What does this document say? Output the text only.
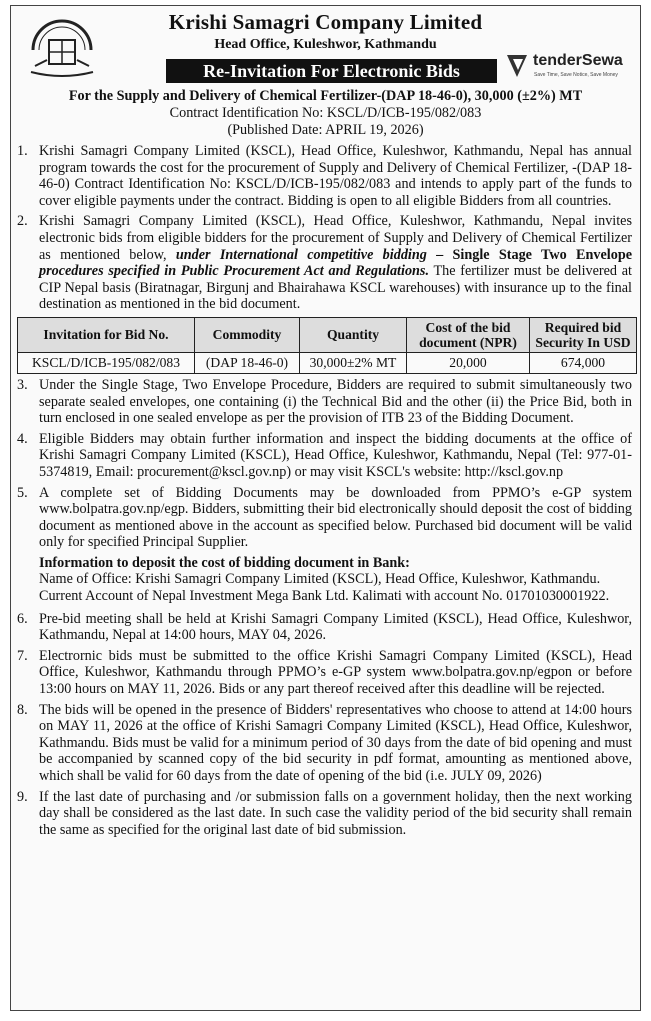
Krishi Samagri Company Limited
Head Office, Kuleshwor, Kathmandu
Re-Invitation For Electronic Bids
tenderSewa
Save Time, Save Notice, Save Money
For the Supply and Delivery of Chemical Fertilizer-(DAP 18-46-0), 30,000 (±2%) MT
Contract Identification No: KSCL/D/ICB-195/082/083
(Published Date: APRIL 19, 2026)
1. Krishi Samagri Company Limited (KSCL), Head Office, Kuleshwor, Kathmandu, Nepal has annual program towards the cost for the procurement of Supply and Delivery of Chemical Fertilizer, -(DAP 18-46-0) Contract Identification No: KSCL/D/ICB-195/082/083 and intends to apply part of the funds to cover eligible payments under the contract. Bidding is open to all eligible Bidders from all countries.
2. Krishi Samagri Company Limited (KSCL), Head Office, Kuleshwor, Kathmandu, Nepal invites electronic bids from eligible bidders for the procurement of Supply and Delivery of Chemical Fertilizer as mentioned below, under International competitive bidding – Single Stage Two Envelope procedures specified in Public Procurement Act and Regulations. The fertilizer must be delivered at CIP Nepal basis (Biratnagar, Birgunj and Bhairahawa KSCL warehouses) with insurance up to the final destination as mentioned in the bid document.
Invitation for Bid No.	Commodity	Quantity	Cost of the bid document (NPR)	Required bid Security In USD
KSCL/D/ICB-195/082/083	(DAP 18-46-0)	30,000±2% MT	20,000	674,000
3. Under the Single Stage, Two Envelope Procedure, Bidders are required to submit simultaneously two separate sealed envelopes, one containing (i) the Technical Bid and the other (ii) the Price Bid, both in turn enclosed in one sealed envelope as per the provision of ITB 23 of the Bidding Document.
4. Eligible Bidders may obtain further information and inspect the bidding documents at the office of Krishi Samagri Company Limited (KSCL), Head Office, Kuleshwor, Kathmandu, Nepal (Tel: 977-01-5374819, Email: procurement@kscl.gov.np) or may visit KSCL's website: http://kscl.gov.np
5. A complete set of Bidding Documents may be downloaded from PPMO’s e-GP system www.bolpatra.gov.np/egp. Bidders, submitting their bid electronically should deposit the cost of bidding document as mentioned above in the account as specified below. Purchased bid document will be valid only for specified Principal Supplier.
Information to deposit the cost of bidding document in Bank:
Name of Office: Krishi Samagri Company Limited (KSCL), Head Office, Kuleshwor, Kathmandu.
Current Account of Nepal Investment Mega Bank Ltd. Kalimati with account No. 01701030001922.
6. Pre-bid meeting shall be held at Krishi Samagri Company Limited (KSCL), Head Office, Kuleshwor, Kathmandu, Nepal at 14:00 hours, MAY 04, 2026.
7. Electrornic bids must be submitted to the office Krishi Samagri Company Limited (KSCL), Head Office, Kuleshwor, Kathmandu through PPMO’s e-GP system www.bolpatra.gov.np/egpon or before 13:00 hours on MAY 11, 2026. Bids or any part thereof received after this deadline will be rejected.
8. The bids will be opened in the presence of Bidders' representatives who choose to attend at 14:00 hours on MAY 11, 2026 at the office of Krishi Samagri Company Limited (KSCL), Head Office, Kuleshwor, Kathmandu. Bids must be valid for a minimum period of 30 days from the date of bid opening and must be accompanied by scanned copy of the bid security in pdf format, amounting as mentioned above, which shall be valid for 60 days from the date of opening of the bid (i.e. JULY 09, 2026)
9. If the last date of purchasing and /or submission falls on a government holiday, then the next working day shall be considered as the last date. In such case the validity period of the bid security shall remain the same as specified for the original last date of bid submission.
